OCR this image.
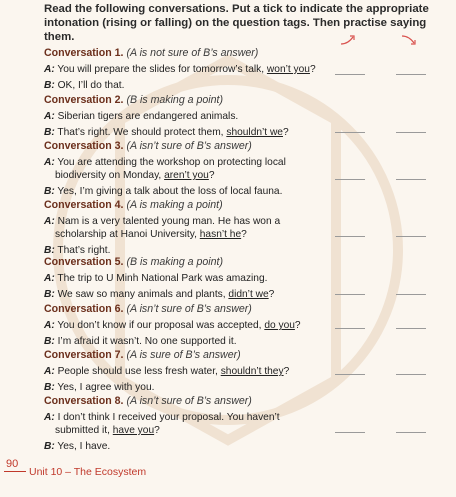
Read the following conversations. Put a tick to indicate the appropriate intonation (rising or falling) on the question tags. Then practise saying them.
Conversation 1. (A is not sure of B’s answer)
A: You will prepare the slides for tomorrow’s talk, won’t you?
B: OK, I’ll do that.
Conversation 2. (B is making a point)
A: Siberian tigers are endangered animals.
B: That’s right. We should protect them, shouldn’t we?
Conversation 3. (A isn’t sure of B’s answer)
A: You are attending the workshop on protecting local biodiversity on Monday, aren’t you?
B: Yes, I’m giving a talk about the loss of local fauna.
Conversation 4. (A is making a point)
A: Nam is a very talented young man. He has won a scholarship at Hanoi University, hasn’t he?
B: That’s right.
Conversation 5. (B is making a point)
A: The trip to U Minh National Park was amazing.
B: We saw so many animals and plants, didn’t we?
Conversation 6. (A isn’t sure of B’s answer)
A: You don’t know if our proposal was accepted, do you?
B: I’m afraid it wasn’t. No one supported it.
Conversation 7. (A is sure of B’s answer)
A: People should use less fresh water, shouldn’t they?
B: Yes, I agree with you.
Conversation 8. (A isn’t sure of B’s answer)
A: I don’t think I received your proposal. You haven’t submitted it, have you?
B: Yes, I have.
90
Unit 10 – The Ecosystem
